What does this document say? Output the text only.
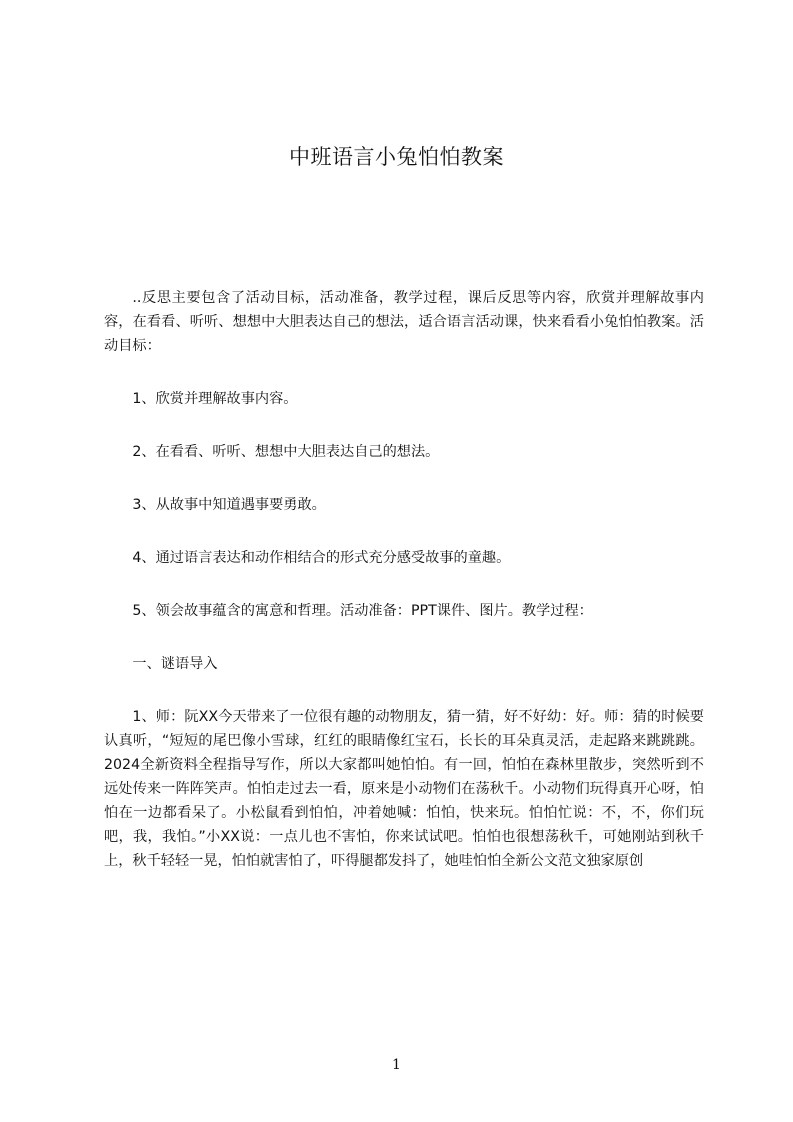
中班语言小兔怕怕教案

..反思主要包含了活动目标，活动准备，教学过程，课后反思等内容，欣赏并理解故事内容，在看看、听听、想想中大胆表达自己的想法，适合语言活动课，快来看看小兔怕怕教案。活动目标：

1、欣赏并理解故事内容。

2、在看看、听听、想想中大胆表达自己的想法。

3、从故事中知道遇事要勇敢。

4、通过语言表达和动作相结合的形式充分感受故事的童趣。

5、领会故事蕴含的寓意和哲理。活动准备：PPT课件、图片。教学过程：

一、谜语导入

1、师：阮XX今天带来了一位很有趣的动物朋友，猜一猜，好不好幼：好。师：猜的时候要认真听，“短短的尾巴像小雪球，红红的眼睛像红宝石，长长的耳朵真灵活，走起路来跳跳跳。2024全新资料全程指导写作，所以大家都叫她怕怕。有一回，怕怕在森林里散步，突然听到不远处传来一阵阵笑声。怕怕走过去一看，原来是小动物们在荡秋千。小动物们玩得真开心呀，怕怕在一边都看呆了。小松鼠看到怕怕，冲着她喊：怕怕，快来玩。怕怕忙说：不，不，你们玩吧，我，我怕。”小XX说：一点儿也不害怕，你来试试吧。怕怕也很想荡秋千，可她刚站到秋千上，秋千轻轻一晃，怕怕就害怕了，吓得腿都发抖了，她哇怕怕全新公文范文独家原创

1
